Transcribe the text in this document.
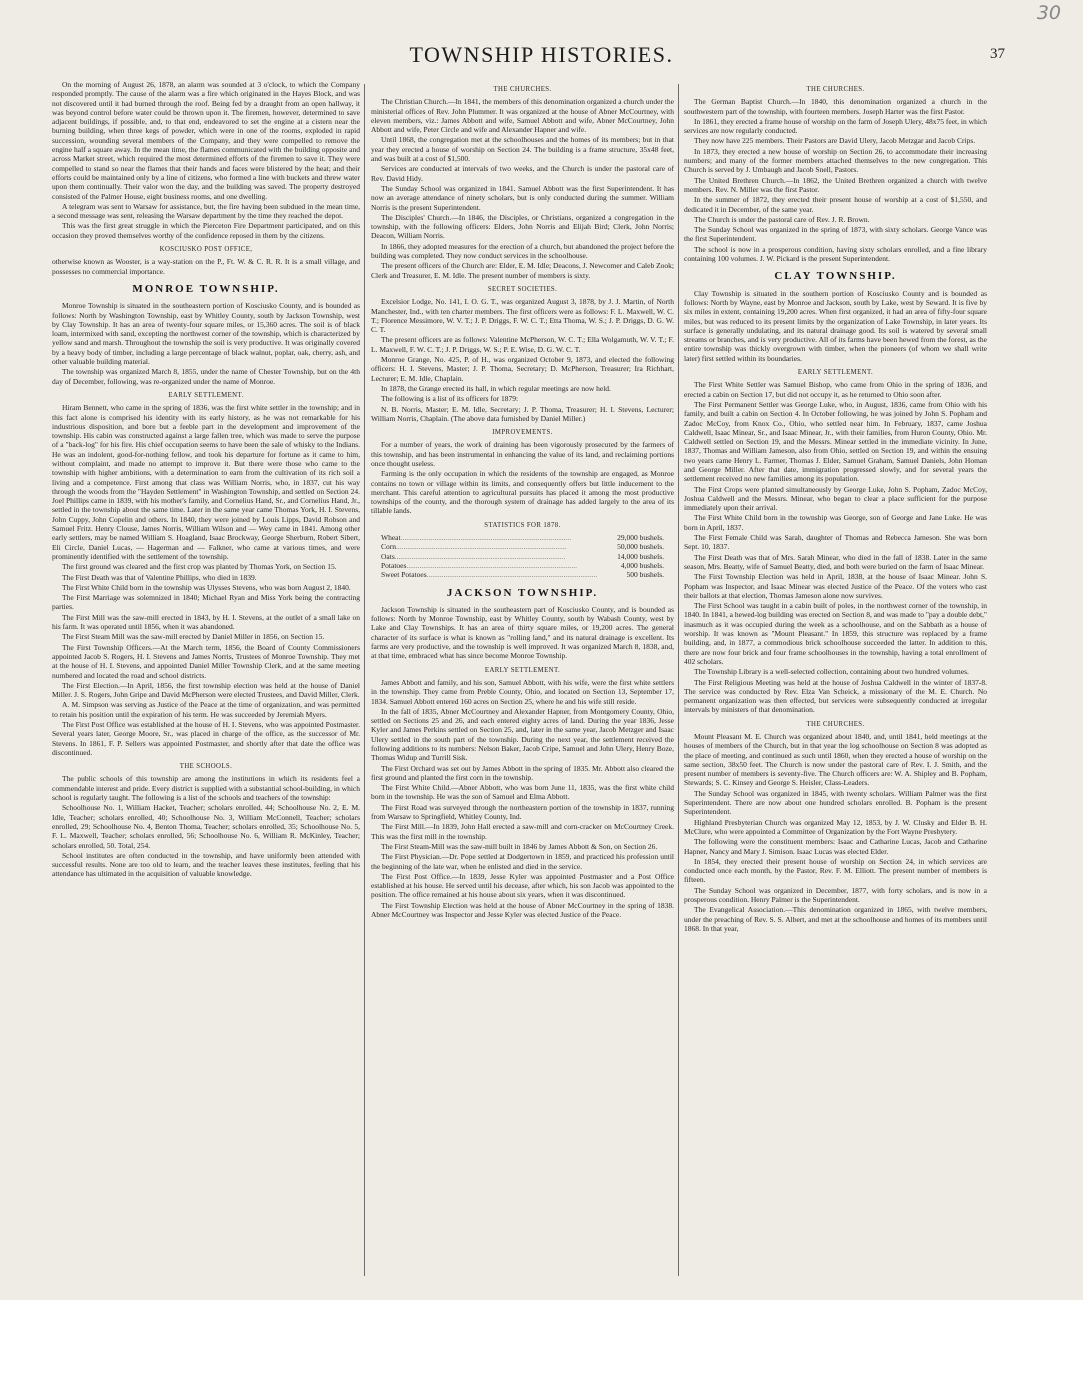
30
TOWNSHIP HISTORIES.	37

On the morning of August 26, 1878, an alarm was sounded at 3 o'clock, to which the Company responded promptly. The cause of the alarm was a fire which originated in the Hayes Block, and was not discovered until it had burned through the roof. Being fed by a draught from an open hallway, it was beyond control before water could be thrown upon it. The firemen, however, determined to save adjacent buildings, if possible, and, to that end, endeavored to set the engine at a cistern near the burning building, when three kegs of powder, which were in one of the rooms, exploded in rapid succession, wounding several members of the Company, and they were compelled to remove the engine half a square away. In the mean time, the flames communicated with the building opposite and across Market street, which required the most determined efforts of the firemen to save it. They were compelled to stand so near the flames that their hands and faces were blistered by the heat; and their efforts could be maintained only by a line of citizens, who formed a line with buckets and threw water upon them continually. Their valor won the day, and the building was saved. The property destroyed consisted of the Palmer House, eight business rooms, and one dwelling.

A telegram was sent to Warsaw for assistance, but, the fire having been subdued in the mean time, a second message was sent, releasing the Warsaw department by the time they reached the depot.

This was the first great struggle in which the Pierceton Fire Department participated, and on this occasion they proved themselves worthy of the confidence reposed in them by the citizens.

KOSCIUSKO POST OFFICE,

otherwise known as Wooster, is a way-station on the P., Ft. W. & C. R. R. It is a small village, and possesses no commercial importance.

MONROE TOWNSHIP.

Monroe Township is situated in the southeastern portion of Kosciusko County, and is bounded as follows: North by Washington Township, east by Whitley County, south by Jackson Township, west by Clay Township. It has an area of twenty-four square miles, or 15,360 acres. The soil is of black loam, intermixed with sand, excepting the northwest corner of the township, which is characterized by yellow sand and marsh. Throughout the township the soil is very productive. It was originally covered by a heavy body of timber, including a large percentage of black walnut, poplar, oak, cherry, ash, and other valuable building material.

The township was organized March 8, 1855, under the name of Chester Township, but on the 4th day of December, following, was re-organized under the name of Monroe.

EARLY SETTLEMENT.

Hiram Bennett, who came in the spring of 1836, was the first white settler in the township; and in this fact alone is comprised his identity with its early history, as he was not remarkable for his industrious disposition, and bore but a feeble part in the development and improvement of the township. His cabin was constructed against a large fallen tree, which was made to serve the purpose of a "back-log" for his fire. His chief occupation seems to have been the sale of whisky to the Indians. He was an indolent, good-for-nothing fellow, and took his departure for fortune as it came to him, without complaint, and made no attempt to improve it. But there were those who came to the township with higher ambitions, with a determination to earn from the cultivation of its rich soil a living and a competence. First among that class was William Norris, who, in 1837, cut his way through the woods from the "Hayden Settlement" in Washington Township, and settled on Section 24. Joel Phillips came in 1839, with his mother's family, and Cornelius Hand, Sr., and Cornelius Hand, Jr., settled in the township about the same time. Later in the same year came Thomas York, H. I. Stevens, John Cuppy, John Copelin and others. In 1840, they were joined by Louis Lipps, David Robson and Samuel Fritz. Henry Clouse, James Norris, William Wilson and — Wey came in 1841. Among other early settlers, may be named William S. Hoagland, Isaac Brockway, George Sherburn, Robert Sibert, Eli Circle, Daniel Lucas, — Hagerman and — Falkner, who came at various times, and were prominently identified with the settlement of the township.

The first ground was cleared and the first crop was planted by Thomas York, on Section 15.

The First Death was that of Valentine Phillips, who died in 1839.

The First White Child born in the township was Ulysses Stevens, who was born August 2, 1840.

The First Marriage was solemnized in 1840; Michael Ryan and Miss York being the contracting parties.

The First Mill was the saw-mill erected in 1843, by H. I. Stevens, at the outlet of a small lake on his farm. It was operated until 1856, when it was abandoned.

The First Steam Mill was the saw-mill erected by Daniel Miller in 1856, on Section 15.

The First Township Officers.—At the March term, 1856, the Board of County Commissioners appointed Jacob S. Rogers, H. I. Stevens and James Norris, Trustees of Monroe Township. They met at the house of H. I. Stevens, and appointed Daniel Miller Township Clerk, and at the same meeting numbered and located the road and school districts.

The First Election.—In April, 1856, the first township election was held at the house of Daniel Miller. J. S. Rogers, John Gripe and David McPherson were elected Trustees, and David Miller, Clerk.

A. M. Simpson was serving as Justice of the Peace at the time of organization, and was permitted to retain his position until the expiration of his term. He was succeeded by Jeremiah Myers.

The First Post Office was established at the house of H. I. Stevens, who was appointed Postmaster. Several years later, George Moore, Sr., was placed in charge of the office, as the successor of Mr. Stevens. In 1861, F. P. Sellers was appointed Postmaster, and shortly after that date the office was discontinued.

THE SCHOOLS.

The public schools of this township are among the institutions in which its residents feel a commendable interest and pride. Every district is supplied with a substantial school-building, in which school is regularly taught. The following is a list of the schools and teachers of the township:

Schoolhouse No. 1, William Hacket, Teacher; scholars enrolled, 44; Schoolhouse No. 2, E. M. Idle, Teacher; scholars enrolled, 40; Schoolhouse No. 3, William McConnell, Teacher; scholars enrolled, 29; Schoolhouse No. 4, Benton Thoma, Teacher; scholars enrolled, 35; Schoolhouse No. 5, F. L. Maxwell, Teacher; scholars enrolled, 56; Schoolhouse No. 6, William R. McKinley, Teacher; scholars enrolled, 50. Total, 254.

School institutes are often conducted in the township, and have uniformly been attended with successful results. None are too old to learn, and the teacher leaves these institutes, feeling that his attendance has ultimated in the acquisition of valuable knowledge.

THE CHURCHES.

The Christian Church.—In 1841, the members of this denomination organized a church under the ministerial offices of Rev. John Plummer. It was organized at the house of Abner McCourtney, with eleven members, viz.: James Abbott and wife, Samuel Abbott and wife, Abner McCourtney, John Abbott and wife, Peter Circle and wife and Alexander Hapner and wife.

Until 1868, the congregation met at the schoolhouses and the homes of its members; but in that year they erected a house of worship on Section 24. The building is a frame structure, 35x48 feet, and was built at a cost of $1,500.

Services are conducted at intervals of two weeks, and the Church is under the pastoral care of Rev. David Hidy.

The Sunday School was organized in 1841. Samuel Abbott was the first Superintendent. It has now an average attendance of ninety scholars, but is only conducted during the summer. William Norris is the present Superintendent.

The Disciples' Church.—In 1846, the Disciples, or Christians, organized a congregation in the township, with the following officers: Elders, John Norris and Elijah Bird; Clerk, John Norris; Deacon, William Norris.

In 1866, they adopted measures for the erection of a church, but abandoned the project before the building was completed. They now conduct services in the schoolhouse.

The present officers of the Church are: Elder, E. M. Idle; Deacons, J. Newcomer and Caleb Zook; Clerk and Treasurer, E. M. Idle. The present number of members is sixty.

SECRET SOCIETIES.

Excelsior Lodge, No. 141, I. O. G. T., was organized August 3, 1878, by J. J. Martin, of North Manchester, Ind., with ten charter members. The first officers were as follows: F. L. Maxwell, W. C. T.; Florence Messimore, W. V. T.; J. P. Driggs, F. W. C. T.; Etta Thoma, W. S.; J. P. Driggs, D. G. W. C. T.

The present officers are as follows: Valentine McPherson, W. C. T.; Ella Wolgamuth, W. V. T.; F. L. Maxwell, F. W. C. T.; J. P. Driggs, W. S.; P. E. Wise, D. G. W. C. T.

Monroe Grange, No. 425, P. of H., was organized October 9, 1873, and elected the following officers: H. I. Stevens, Master; J. P. Thoma, Secretary; D. McPherson, Treasurer; Ira Richhart, Lecturer; E. M. Idle, Chaplain.

In 1878, the Grange erected its hall, in which regular meetings are now held.

The following is a list of its officers for 1879:

N. B. Norris, Master; E. M. Idle, Secretary; J. P. Thoma, Treasurer; H. I. Stevens, Lecturer; William Norris, Chaplain. (The above data furnished by Daniel Miller.)

IMPROVEMENTS.

For a number of years, the work of draining has been vigorously prosecuted by the farmers of this township, and has been instrumental in enhancing the value of its land, and reclaiming portions once thought useless.

Farming is the only occupation in which the residents of the township are engaged, as Monroe contains no town or village within its limits, and consequently offers but little inducement to the merchant. This careful attention to agricultural pursuits has placed it among the most productive townships of the county, and the thorough system of drainage has added largely to the area of its tillable lands.

STATISTICS FOR 1878.
Wheat ...........................................................................................	29,000 bushels.
Corn ...........................................................................................	50,000 bushels.
Oats ...........................................................................................	14,000 bushels.
Potatoes ...........................................................................................	4,000 bushels.
Sweet Potatoes ...........................................................................................	500 bushels.
JACKSON TOWNSHIP.

Jackson Township is situated in the southeastern part of Kosciusko County, and is bounded as follows: North by Monroe Township, east by Whitley County, south by Wabash County, west by Lake and Clay Townships. It has an area of thirty square miles, or 19,200 acres. The general character of its surface is what is known as "rolling land," and its natural drainage is excellent. Its farms are very productive, and the township is well improved. It was organized March 8, 1838, and, at that time, embraced what has since become Monroe Township.

EARLY SETTLEMENT.

James Abbott and family, and his son, Samuel Abbott, with his wife, were the first white settlers in the township. They came from Preble County, Ohio, and located on Section 13, September 17, 1834. Samuel Abbott entered 160 acres on Section 25, where he and his wife still reside.

In the fall of 1835, Abner McCourtney and Alexander Hapner, from Montgomery County, Ohio, settled on Sections 25 and 26, and each entered eighty acres of land. During the year 1836, Jesse Kyler and James Perkins settled on Section 25, and, later in the same year, Jacob Metzger and Isaac Ulery settled in the south part of the township. During the next year, the settlement received the following additions to its numbers: Nelson Baker, Jacob Cripe, Samuel and John Ulery, Henry Boze, Thomas Widup and Turrill Sisk.

The First Orchard was set out by James Abbott in the spring of 1835. Mr. Abbott also cleared the first ground and planted the first corn in the township.

The First White Child.—Abner Abbott, who was born June 11, 1835, was the first white child born in the township. He was the son of Samuel and Elma Abbott.

The First Road was surveyed through the northeastern portion of the township in 1837, running from Warsaw to Springfield, Whitley County, Ind.

The First Mill.—In 1839, John Hall erected a saw-mill and corn-cracker on McCourtney Creek. This was the first mill in the township.

The First Steam-Mill was the saw-mill built in 1846 by James Abbott & Son, on Section 26.

The First Physician.—Dr. Pope settled at Dodgertown in 1859, and practiced his profession until the beginning of the late war, when he enlisted and died in the service.

The First Post Office.—In 1839, Jesse Kyler was appointed Postmaster and a Post Office established at his house. He served until his decease, after which, his son Jacob was appointed to the position. The office remained at his house about six years, when it was discontinued.

The First Township Election was held at the house of Abner McCourtney in the spring of 1838. Abner McCourtney was Inspector and Jesse Kyler was elected Justice of the Peace.

THE CHURCHES.

The German Baptist Church.—In 1840, this denomination organized a church in the southwestern part of the township, with fourteen members. Joseph Harter was the first Pastor.

In 1861, they erected a frame house of worship on the farm of Joseph Ulery, 48x75 feet, in which services are now regularly conducted.

They now have 225 members. Their Pastors are David Ulery, Jacob Metzgar and Jacob Crips.

In 1873, they erected a new house of worship on Section 26, to accommodate their increasing numbers; and many of the former members attached themselves to the new congregation. This Church is served by J. Umbaugh and Jacob Snell, Pastors.

The United Brethren Church.—In 1862, the United Brethren organized a church with twelve members. Rev. N. Miller was the first Pastor.

In the summer of 1872, they erected their present house of worship at a cost of $1,550, and dedicated it in December, of the same year.

The Church is under the pastoral care of Rev. J. R. Brown.

The Sunday School was organized in the spring of 1873, with sixty scholars. George Vance was the first Superintendent.

The school is now in a prosperous condition, having sixty scholars enrolled, and a fine library containing 100 volumes. J. W. Pickard is the present Superintendent.

CLAY TOWNSHIP.

Clay Township is situated in the southern portion of Kosciusko County and is bounded as follows: North by Wayne, east by Monroe and Jackson, south by Lake, west by Seward. It is five by six miles in extent, containing 19,200 acres. When first organized, it had an area of fifty-four square miles, but was reduced to its present limits by the organization of Lake Township, in later years. Its surface is generally undulating, and its natural drainage good. Its soil is watered by several small streams or branches, and is very productive. All of its farms have been hewed from the forest, as the entire township was thickly overgrown with timber, when the pioneers (of whom we shall write later) first settled within its boundaries.

EARLY SETTLEMENT.

The First White Settler was Samuel Bishop, who came from Ohio in the spring of 1836, and erected a cabin on Section 17, but did not occupy it, as he returned to Ohio soon after.

The First Permanent Settler was George Luke, who, in August, 1836, came from Ohio with his family, and built a cabin on Section 4. In October following, he was joined by John S. Popham and Zadoc McCoy, from Knox Co., Ohio, who settled near him. In February, 1837, came Joshua Caldwell, Isaac Minear, Sr., and Isaac Minear, Jr., with their families, from Huron County, Ohio. Mr. Caldwell settled on Section 19, and the Messrs. Minear settled in the immediate vicinity. In June, 1837, Thomas and William Jameson, also from Ohio, settled on Section 19, and within the ensuing two years came Henry L. Farmer, Thomas J. Elder, Samuel Graham, Samuel Daniels, John Homan and George Miller. After that date, immigration progressed slowly, and for several years the settlement received no new families among its population.

The First Crops were planted simultaneously by George Luke, John S. Popham, Zadoc McCoy, Joshua Caldwell and the Messrs. Minear, who began to clear a place sufficient for the purpose immediately upon their arrival.

The First White Child born in the township was George, son of George and Jane Luke. He was born in April, 1837.

The First Female Child was Sarah, daughter of Thomas and Rebecca Jameson. She was born Sept. 10, 1837.

The First Death was that of Mrs. Sarah Minear, who died in the fall of 1838. Later in the same season, Mrs. Beatty, wife of Samuel Beatty, died, and both were buried on the farm of Isaac Minear.

The First Township Election was held in April, 1838, at the house of Isaac Minear. John S. Popham was Inspector, and Isaac Minear was elected Justice of the Peace. Of the voters who cast their ballots at that election, Thomas Jameson alone now survives.

The First School was taught in a cabin built of poles, in the northwest corner of the township, in 1840. In 1841, a hewed-log building was erected on Section 8, and was made to "pay a double debt," inasmuch as it was occupied during the week as a schoolhouse, and on the Sabbath as a house of worship. It was known as "Mount Pleasant." In 1859, this structure was replaced by a frame building, and, in 1877, a commodious brick schoolhouse succeeded the latter. In addition to this, there are now four brick and four frame schoolhouses in the township, having a total enrollment of 402 scholars.

The Township Library is a well-selected collection, containing about two hundred volumes.

The First Religious Meeting was held at the house of Joshua Caldwell in the winter of 1837-8. The service was conducted by Rev. Elza Van Scheick, a missionary of the M. E. Church. No permanent organization was then effected, but services were subsequently conducted at irregular intervals by ministers of that denomination.

THE CHURCHES.

Mount Pleasant M. E. Church was organized about 1840, and, until 1841, held meetings at the houses of members of the Church, but in that year the log schoolhouse on Section 8 was adopted as the place of meeting, and continued as such until 1860, when they erected a house of worship on the same section, 38x50 feet. The Church is now under the pastoral care of Rev. I. J. Smith, and the present number of members is seventy-five. The Church officers are: W. A. Shipley and B. Popham, Stewards; S. C. Kinsey and George S. Heisler, Class-Leaders.

The Sunday School was organized in 1845, with twenty scholars. William Palmer was the first Superintendent. There are now about one hundred scholars enrolled. B. Popham is the present Superintendent.

Highland Presbyterian Church was organized May 12, 1853, by J. W. Clusky and Elder B. H. McClure, who were appointed a Committee of Organization by the Fort Wayne Presbytery.

The following were the constituent members: Isaac and Catharine Lucas, Jacob and Catharine Hapner, Nancy and Mary J. Simison. Isaac Lucas was elected Elder.

In 1854, they erected their present house of worship on Section 24, in which services are conducted once each month, by the Pastor, Rev. F. M. Elliott. The present number of members is fifteen.

The Sunday School was organized in December, 1877, with forty scholars, and is now in a prosperous condition. Henry Palmer is the Superintendent.

The Evangelical Association.—This denomination organized in 1865, with twelve members, under the preaching of Rev. S. S. Albert, and met at the schoolhouse and homes of its members until 1868. In that year,
